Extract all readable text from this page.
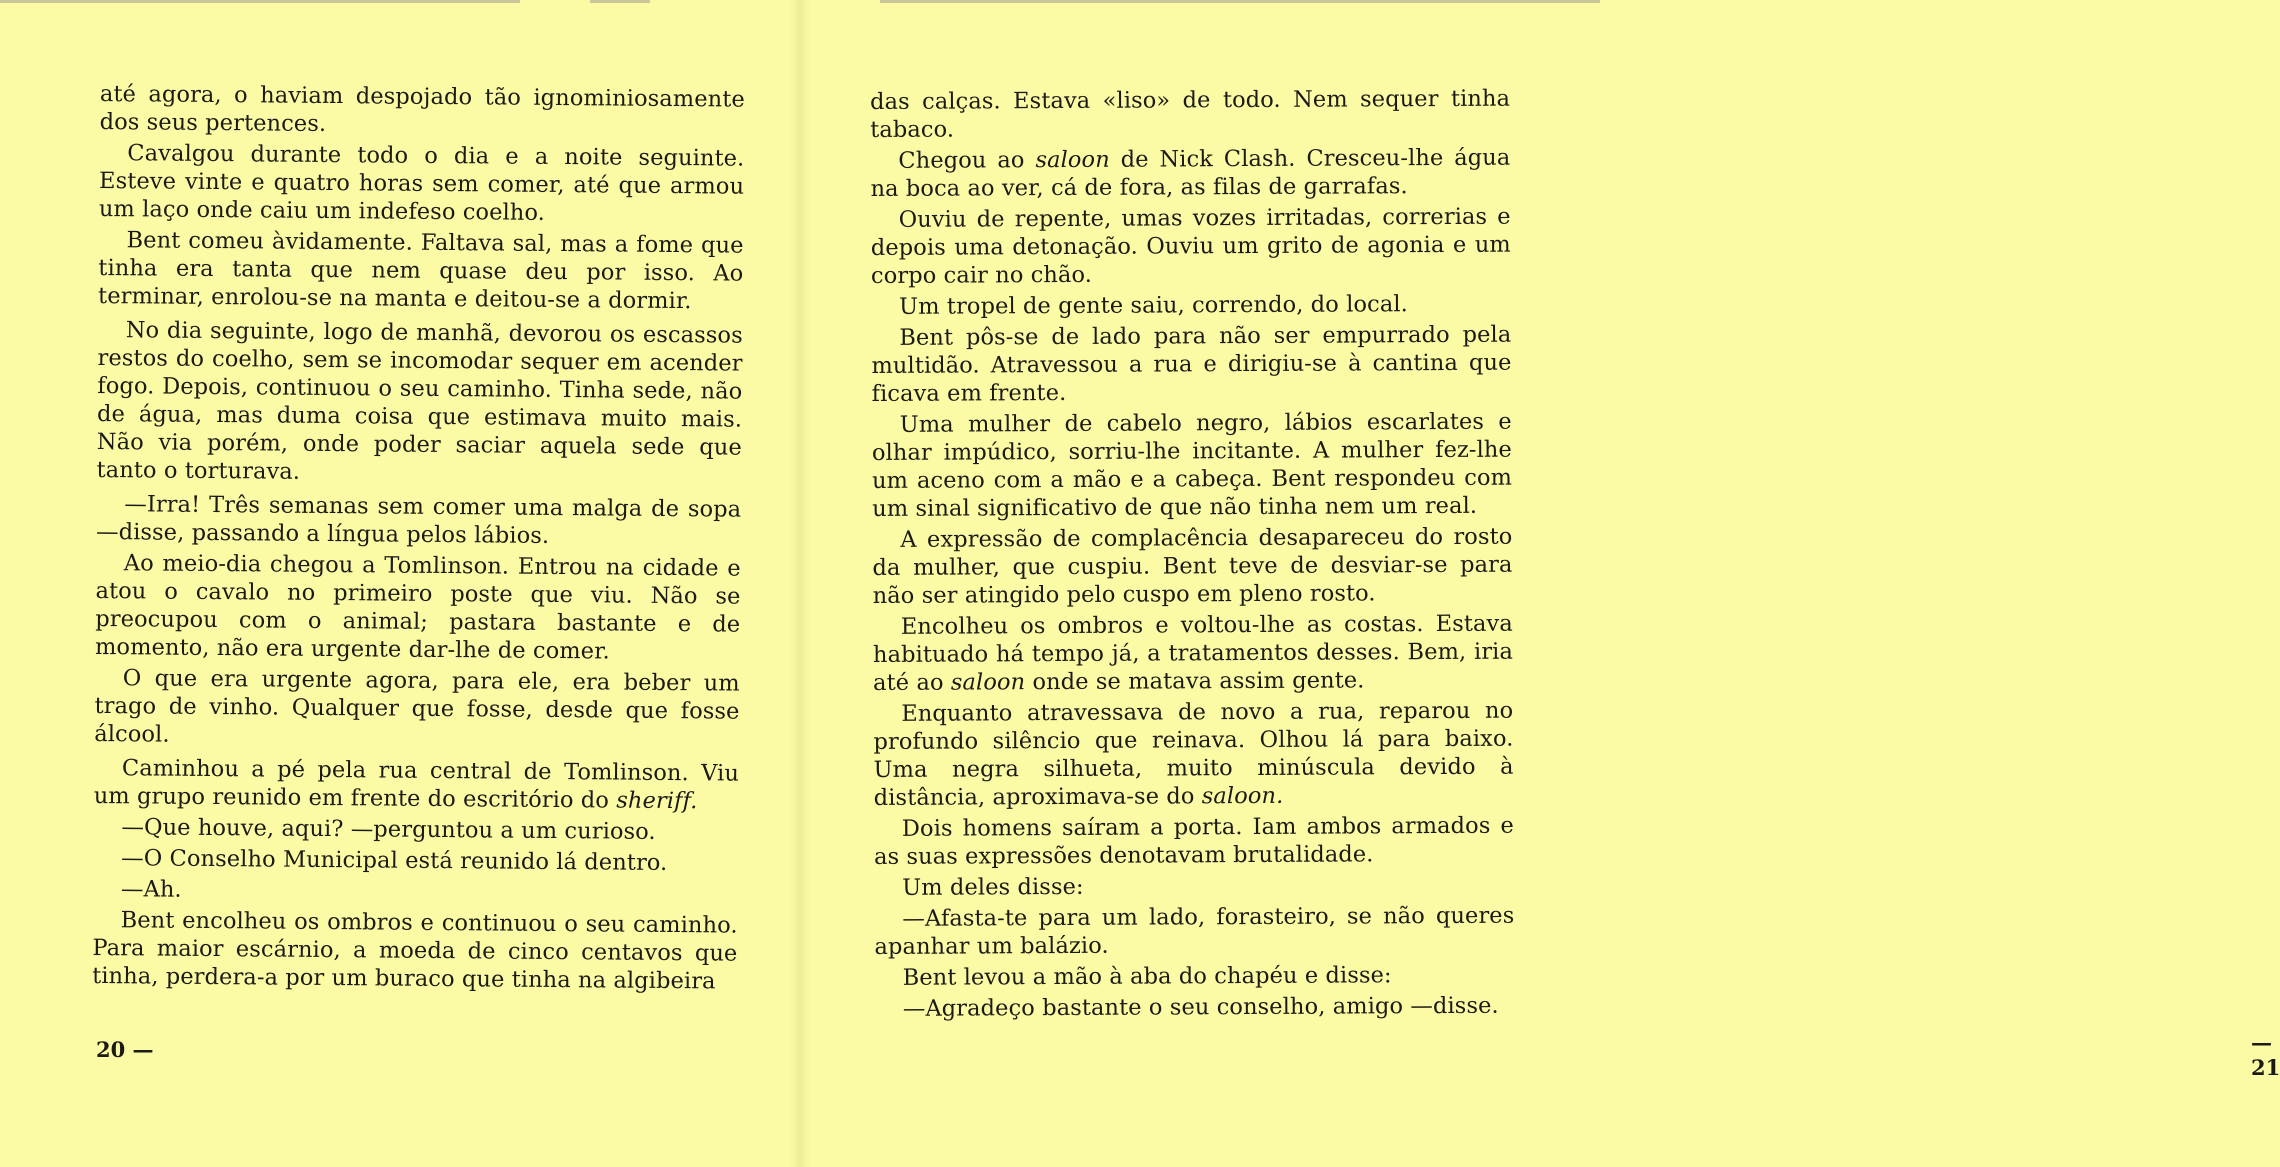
até agora, o haviam despojado tão ignominiosamente dos seus pertences.

Cavalgou durante todo o dia e a noite seguinte. Esteve vinte e quatro horas sem comer, até que armou um laço onde caiu um indefeso coelho.

Bent comeu àvidamente. Faltava sal, mas a fome que tinha era tanta que nem quase deu por isso. Ao terminar, enrolou-se na manta e deitou-se a dormir.

No dia seguinte, logo de manhã, devorou os escassos restos do coelho, sem se incomodar sequer em acender fogo. Depois, continuou o seu caminho. Tinha sede, não de água, mas duma coisa que estimava muito mais. Não via porém, onde poder saciar aquela sede que tanto o torturava.

—Irra! Três semanas sem comer uma malga de sopa —disse, passando a língua pelos lábios.

Ao meio-dia chegou a Tomlinson. Entrou na cidade e atou o cavalo no primeiro poste que viu. Não se preocupou com o animal; pastara bastante e de momento, não era urgente dar-lhe de comer.

O que era urgente agora, para ele, era beber um trago de vinho. Qualquer que fosse, desde que fosse álcool.

Caminhou a pé pela rua central de Tomlinson. Viu um grupo reunido em frente do escritório do sheriff.

—Que houve, aqui? —perguntou a um curioso.

—O Conselho Municipal está reunido lá dentro.

—Ah.

Bent encolheu os ombros e continuou o seu caminho. Para maior escárnio, a moeda de cinco centavos que tinha, perdera-a por um buraco que tinha na algibeira

20 —

das calças. Estava «liso» de todo. Nem sequer tinha tabaco.

Chegou ao saloon de Nick Clash. Cresceu-lhe água na boca ao ver, cá de fora, as filas de garrafas.

Ouviu de repente, umas vozes irritadas, correrias e depois uma detonação. Ouviu um grito de agonia e um corpo cair no chão.

Um tropel de gente saiu, correndo, do local.

Bent pôs-se de lado para não ser empurrado pela multidão. Atravessou a rua e dirigiu-se à cantina que ficava em frente.

Uma mulher de cabelo negro, lábios escarlates e olhar impúdico, sorriu-lhe incitante. A mulher fez-lhe um aceno com a mão e a cabeça. Bent respondeu com um sinal significativo de que não tinha nem um real.

A expressão de complacência desapareceu do rosto da mulher, que cuspiu. Bent teve de desviar-se para não ser atingido pelo cuspo em pleno rosto.

Encolheu os ombros e voltou-lhe as costas. Estava habituado há tempo já, a tratamentos desses. Bem, iria até ao saloon onde se matava assim gente.

Enquanto atravessava de novo a rua, reparou no profundo silêncio que reinava. Olhou lá para baixo. Uma negra silhueta, muito minúscula devido à distância, aproximava-se do saloon.

Dois homens saíram a porta. Iam ambos armados e as suas expressões denotavam brutalidade.

Um deles disse:

—Afasta-te para um lado, forasteiro, se não queres apanhar um balázio.

Bent levou a mão à aba do chapéu e disse:

—Agradeço bastante o seu conselho, amigo —disse.

— 21
